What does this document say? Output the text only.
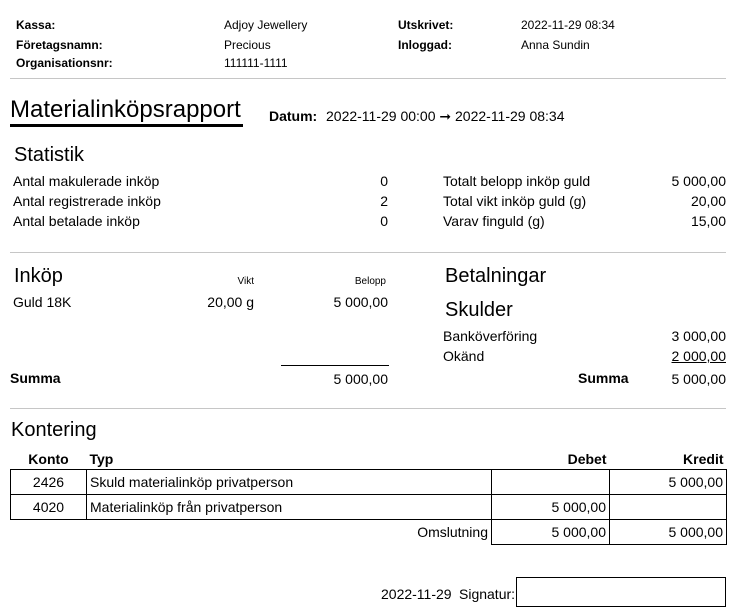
Kassa:	Adjoy Jewellery
Företagsnamn:	Precious
Organisationsnr:	111111-1111
Utskrivet:	2022-11-29 08:34
Inloggad:	Anna Sundin
Materialinköpsrapport Datum: 2022-11-29 00:00 ➞ 2022-11-29 08:34
Statistik
Antal makulerade inköp	0
Antal registrerade inköp	2
Antal betalade inköp	0
Totalt belopp inköp guld	5 000,00
Total vikt inköp guld (g)	20,00
Varav finguld (g)	15,00
Inköp	Vikt	Belopp
Guld 18K	20,00 g	5 000,00
Summa	5 000,00
Betalningar
Skulder
Banköverföring	3 000,00
Okänd	2 000,00
Summa	5 000,00
Kontering
Konto	Typ	Debet	Kredit
2426	Skuld materialinköp privatperson		5 000,00
4020	Materialinköp från privatperson	5 000,00	
	Omslutning	5 000,00	5 000,00
2022-11-29 Signatur:
